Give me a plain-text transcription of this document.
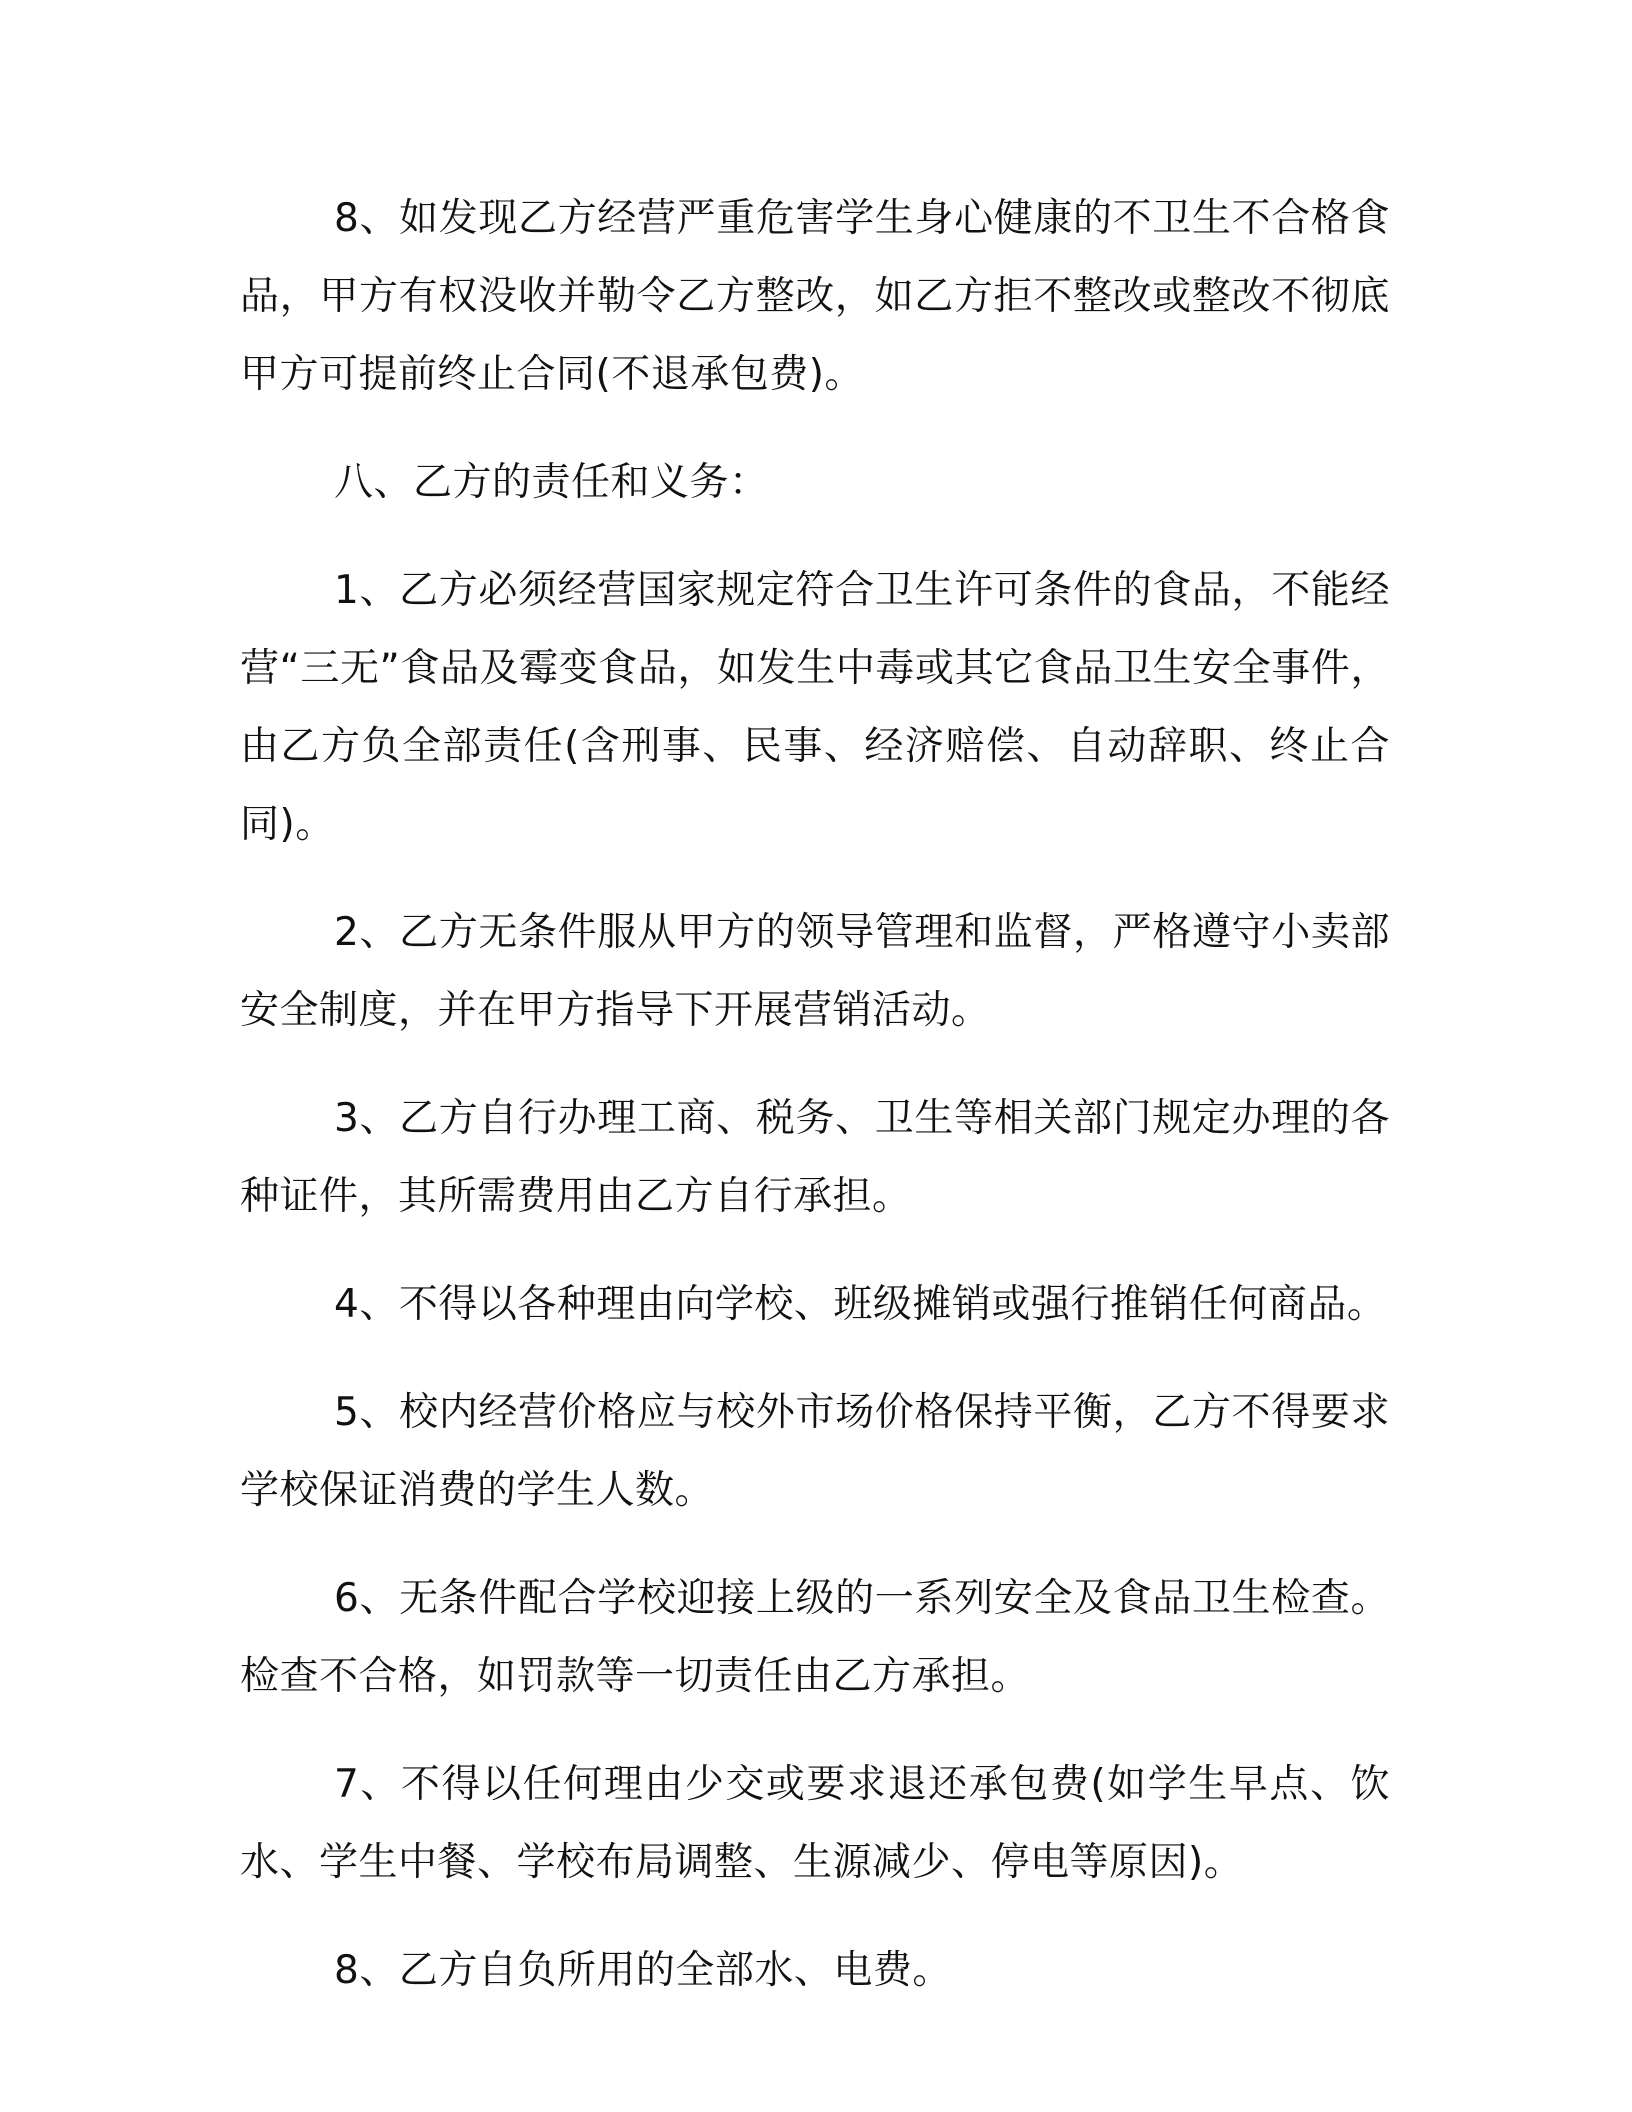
8、如发现乙方经营严重危害学生身心健康的不卫生不合格食品，甲方有权没收并勒令乙方整改，如乙方拒不整改或整改不彻底甲方可提前终止合同(不退承包费)。

八、乙方的责任和义务：

1、乙方必须经营国家规定符合卫生许可条件的食品，不能经营“三无”食品及霉变食品，如发生中毒或其它食品卫生安全事件，由乙方负全部责任(含刑事、民事、经济赔偿、自动辞职、终止合同)。

2、乙方无条件服从甲方的领导管理和监督，严格遵守小卖部安全制度，并在甲方指导下开展营销活动。

3、乙方自行办理工商、税务、卫生等相关部门规定办理的各种证件，其所需费用由乙方自行承担。

4、不得以各种理由向学校、班级摊销或强行推销任何商品。

5、校内经营价格应与校外市场价格保持平衡，乙方不得要求学校保证消费的学生人数。

6、无条件配合学校迎接上级的一系列安全及食品卫生检查。检查不合格，如罚款等一切责任由乙方承担。

7、不得以任何理由少交或要求退还承包费(如学生早点、饮水、学生中餐、学校布局调整、生源减少、停电等原因)。

8、乙方自负所用的全部水、电费。
